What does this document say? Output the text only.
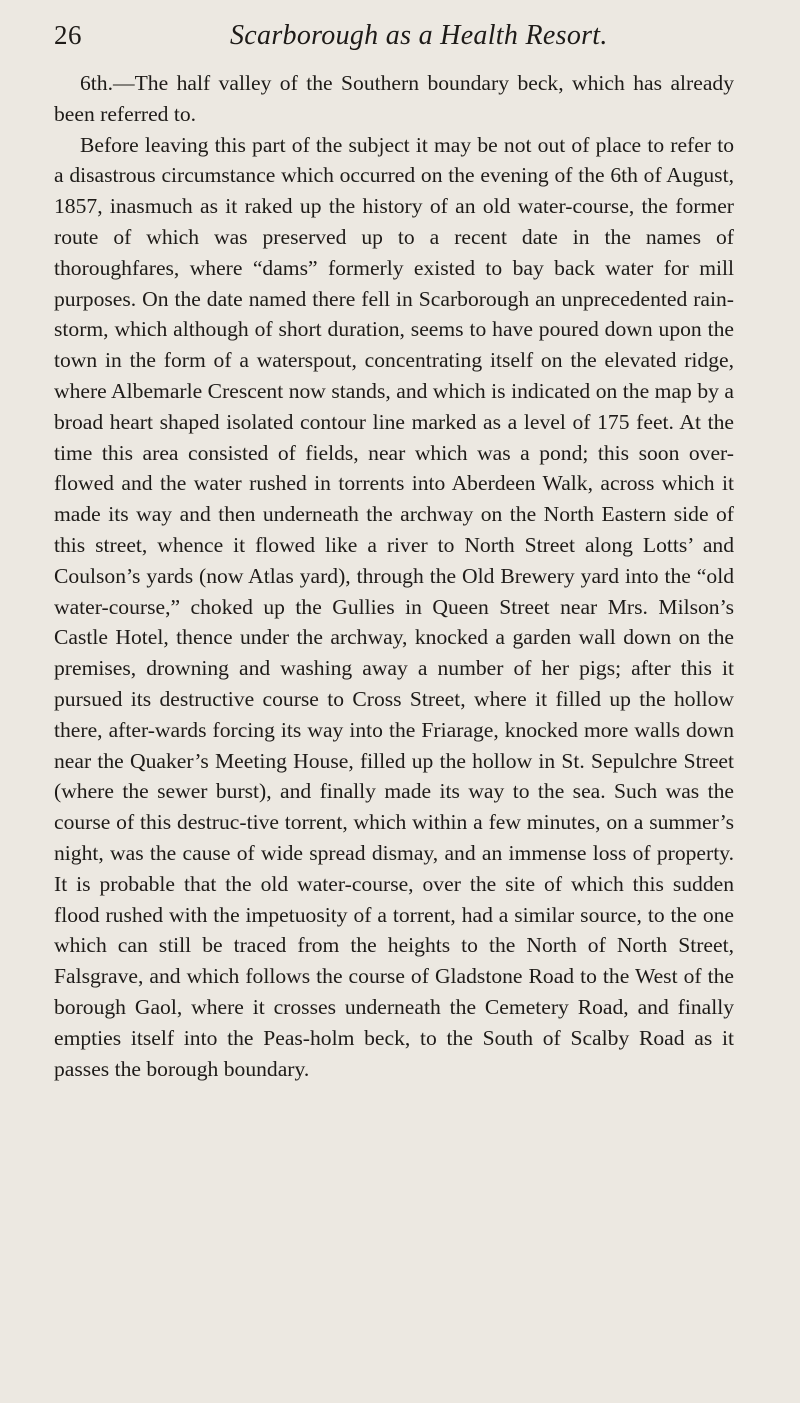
26	Scarborough as a Health Resort.

6th.—The half valley of the Southern boundary beck, which has already been referred to.

Before leaving this part of the subject it may be not out of place to refer to a disastrous circumstance which occurred on the evening of the 6th of August, 1857, inasmuch as it raked up the history of an old water-course, the former route of which was preserved up to a recent date in the names of thoroughfares, where “dams” formerly existed to bay back water for mill purposes. On the date named there fell in Scarborough an unprecedented rain-storm, which although of short duration, seems to have poured down upon the town in the form of a waterspout, concentrating itself on the elevated ridge, where Albemarle Crescent now stands, and which is indicated on the map by a broad heart shaped isolated contour line marked as a level of 175 feet. At the time this area consisted of fields, near which was a pond; this soon over-flowed and the water rushed in torrents into Aberdeen Walk, across which it made its way and then underneath the archway on the North Eastern side of this street, whence it flowed like a river to North Street along Lotts’ and Coulson’s yards (now Atlas yard), through the Old Brewery yard into the “old water-course,” choked up the Gullies in Queen Street near Mrs. Milson’s Castle Hotel, thence under the archway, knocked a garden wall down on the premises, drowning and washing away a number of her pigs; after this it pursued its destructive course to Cross Street, where it filled up the hollow there, after-wards forcing its way into the Friarage, knocked more walls down near the Quaker’s Meeting House, filled up the hollow in St. Sepulchre Street (where the sewer burst), and finally made its way to the sea. Such was the course of this destruc-tive torrent, which within a few minutes, on a summer’s night, was the cause of wide spread dismay, and an immense loss of property. It is probable that the old water-course, over the site of which this sudden flood rushed with the impetuosity of a torrent, had a similar source, to the one which can still be traced from the heights to the North of North Street, Falsgrave, and which follows the course of Gladstone Road to the West of the borough Gaol, where it crosses underneath the Cemetery Road, and finally empties itself into the Peas-holm beck, to the South of Scalby Road as it passes the borough boundary.
